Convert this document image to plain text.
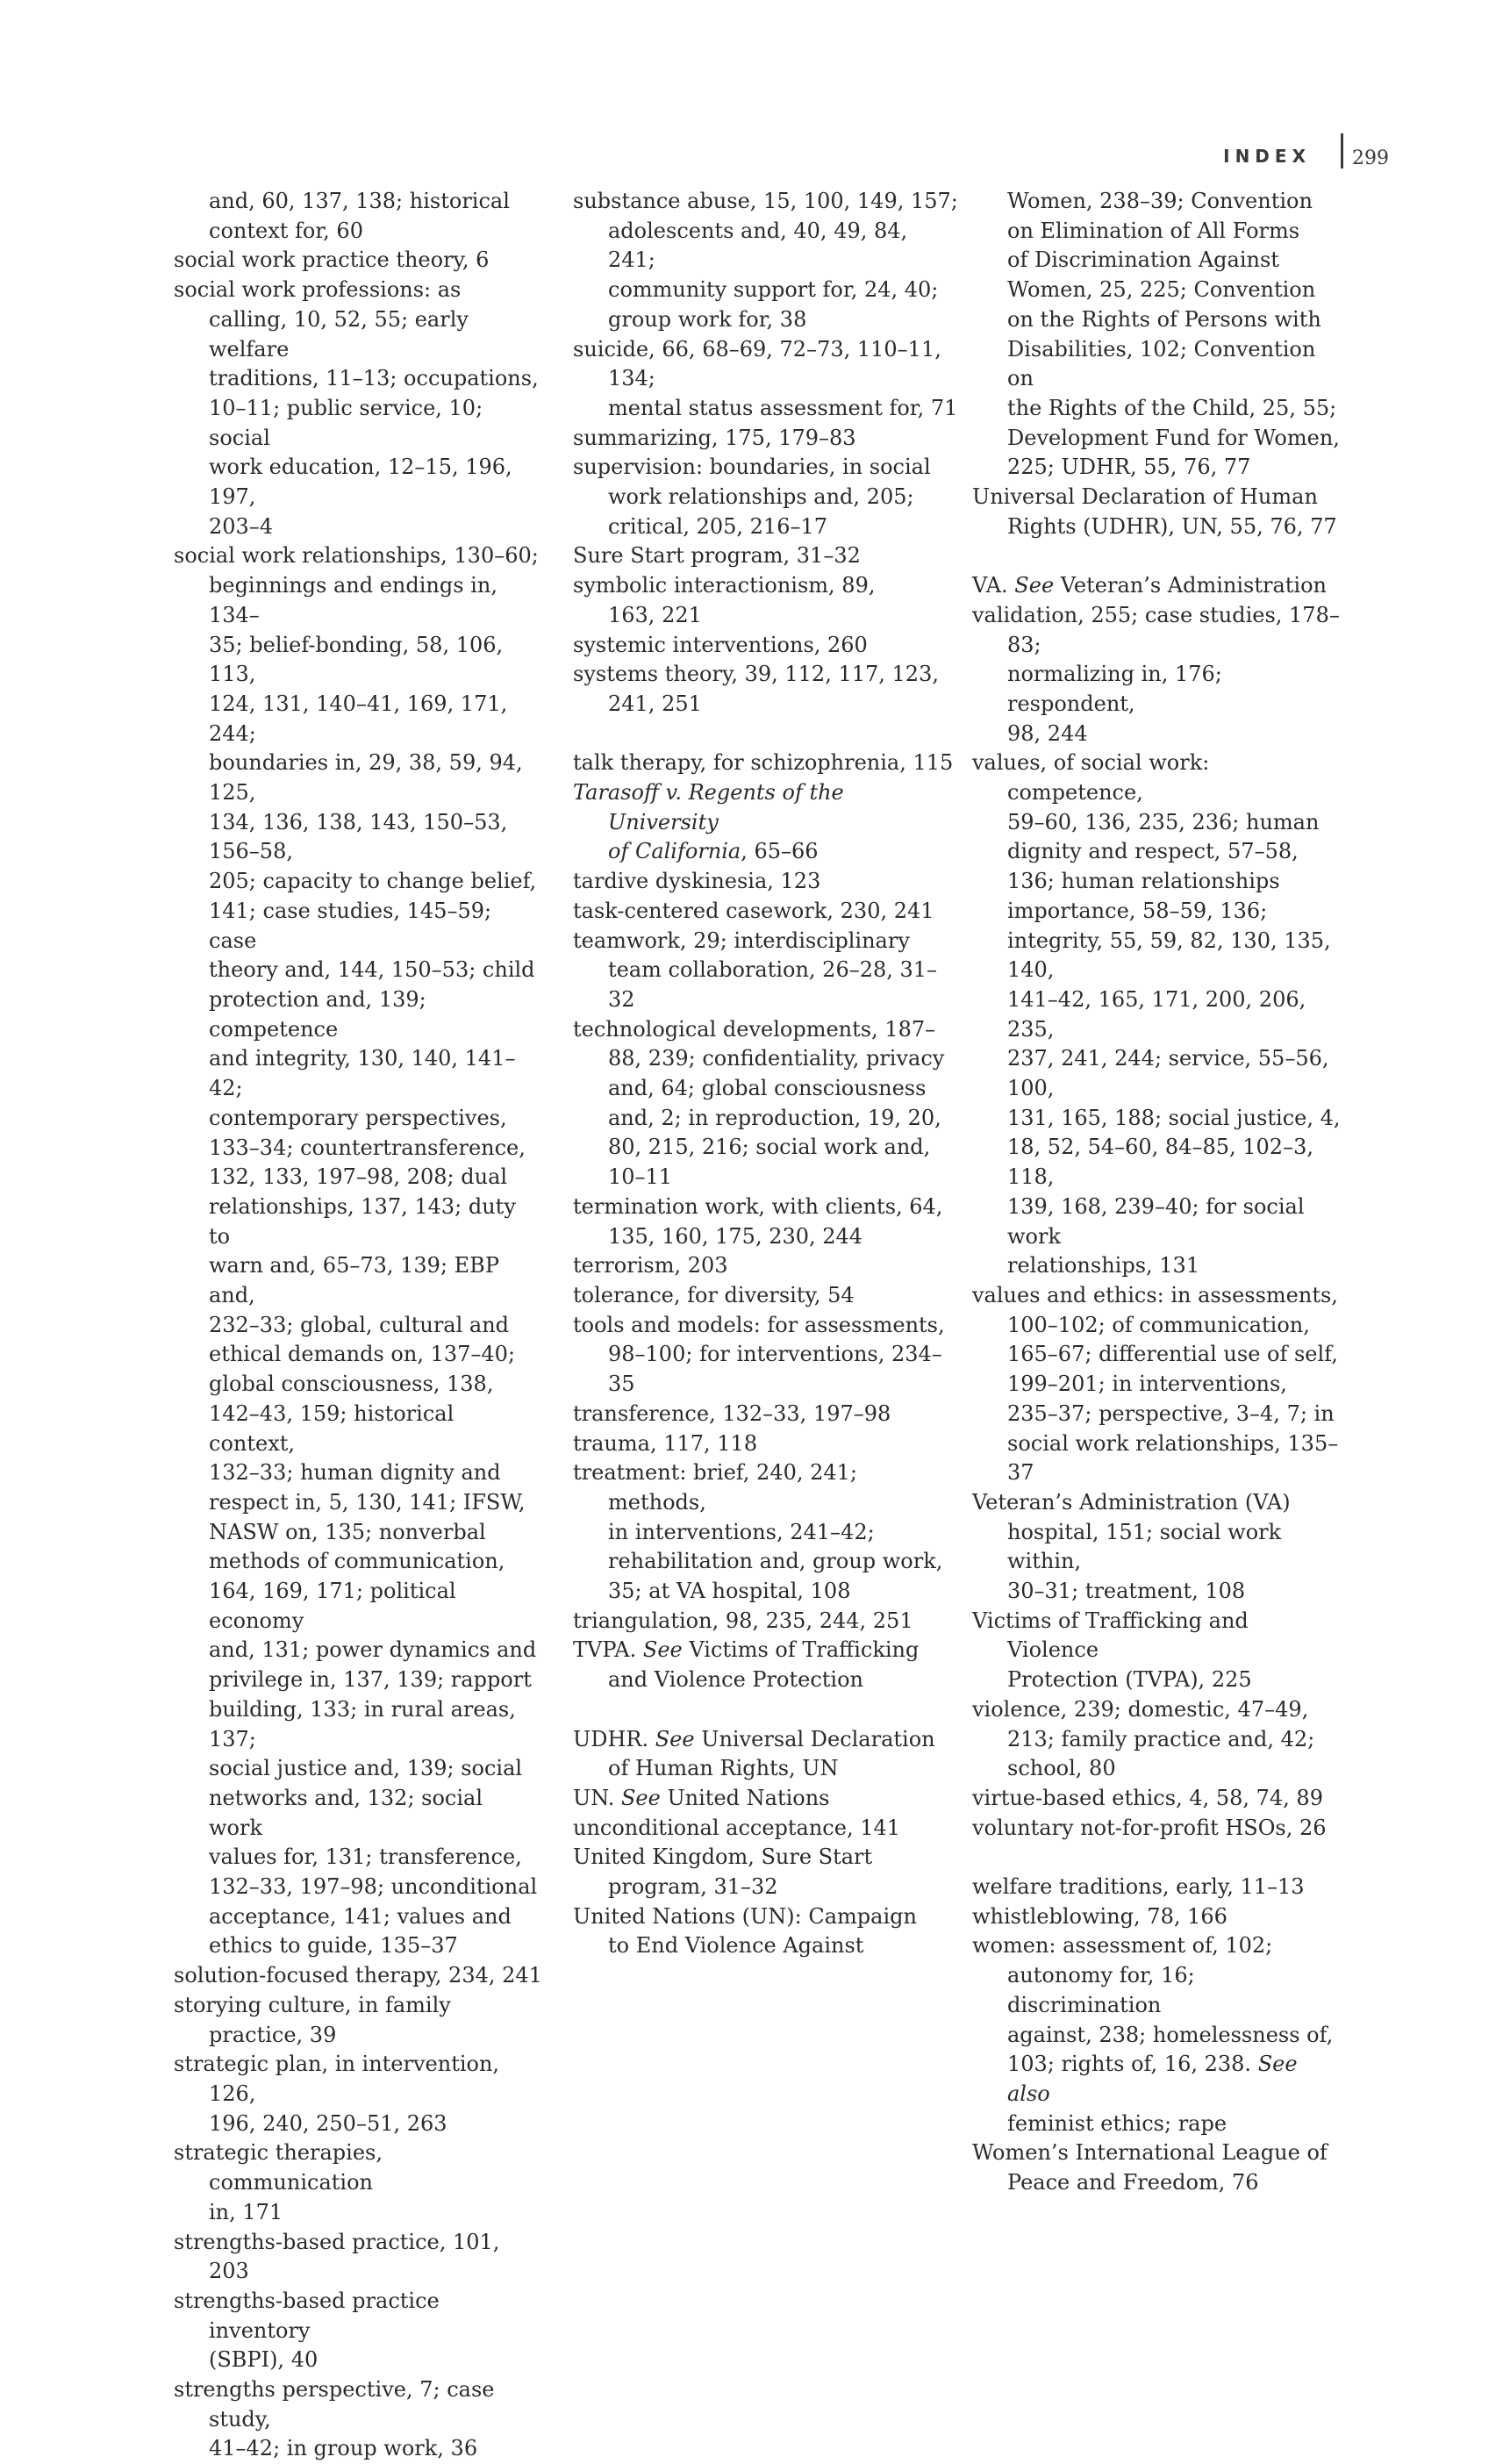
INDEX 299
and, 60, 137, 138; historical
context for, 60
social work practice theory, 6
social work professions: as
calling, 10, 52, 55; early welfare
traditions, 11–13; occupations,
10–11; public service, 10; social
work education, 12–15, 196, 197,
203–4
social work relationships, 130–60;
beginnings and endings in, 134–
35; belief-bonding, 58, 106, 113,
124, 131, 140–41, 169, 171, 244;
boundaries in, 29, 38, 59, 94, 125,
134, 136, 138, 143, 150–53, 156–58,
205; capacity to change belief,
141; case studies, 145–59; case
theory and, 144, 150–53; child
protection and, 139; competence
and integrity, 130, 140, 141–42;
contemporary perspectives,
133–34; countertransference,
132, 133, 197–98, 208; dual
relationships, 137, 143; duty to
warn and, 65–73, 139; EBP and,
232–33; global, cultural and
ethical demands on, 137–40;
global consciousness, 138,
142–43, 159; historical context,
132–33; human dignity and
respect in, 5, 130, 141; IFSW,
NASW on, 135; nonverbal
methods of communication,
164, 169, 171; political economy
and, 131; power dynamics and
privilege in, 137, 139; rapport
building, 133; in rural areas, 137;
social justice and, 139; social
networks and, 132; social work
values for, 131; transference,
132–33, 197–98; unconditional
acceptance, 141; values and
ethics to guide, 135–37
solution-focused therapy, 234, 241
storying culture, in family practice, 39
strategic plan, in intervention, 126,
196, 240, 250–51, 263
strategic therapies, communication
in, 171
strengths-based practice, 101, 203
strengths-based practice inventory
(SBPI), 40
strengths perspective, 7; case study,
41–42; in group work, 36
substance abuse, 15, 100, 149, 157;
adolescents and, 40, 49, 84, 241;
community support for, 24, 40;
group work for, 38
suicide, 66, 68–69, 72–73, 110–11, 134;
mental status assessment for, 71
summarizing, 175, 179–83
supervision: boundaries, in social
work relationships and, 205;
critical, 205, 216–17
Sure Start program, 31–32
symbolic interactionism, 89,
163, 221
systemic interventions, 260
systems theory, 39, 112, 117, 123,
241, 251
talk therapy, for schizophrenia, 115
Tarasoff v. Regents of the University
of California, 65–66
tardive dyskinesia, 123
task-centered casework, 230, 241
teamwork, 29; interdisciplinary
team collaboration, 26–28, 31–32
technological developments, 187–
88, 239; confidentiality, privacy
and, 64; global consciousness
and, 2; in reproduction, 19, 20,
80, 215, 216; social work and,
10–11
termination work, with clients, 64,
135, 160, 175, 230, 244
terrorism, 203
tolerance, for diversity, 54
tools and models: for assessments,
98–100; for interventions, 234–35
transference, 132–33, 197–98
trauma, 117, 118
treatment: brief, 240, 241; methods,
in interventions, 241–42;
rehabilitation and, group work,
35; at VA hospital, 108
triangulation, 98, 235, 244, 251
TVPA. See Victims of Trafficking
and Violence Protection
UDHR. See Universal Declaration
of Human Rights, UN
UN. See United Nations
unconditional acceptance, 141
United Kingdom, Sure Start
program, 31–32
United Nations (UN): Campaign
to End Violence Against
Women, 238–39; Convention
on Elimination of All Forms
of Discrimination Against
Women, 25, 225; Convention
on the Rights of Persons with
Disabilities, 102; Convention on
the Rights of the Child, 25, 55;
Development Fund for Women,
225; UDHR, 55, 76, 77
Universal Declaration of Human
Rights (UDHR), UN, 55, 76, 77
VA. See Veteran’s Administration
validation, 255; case studies, 178–83;
normalizing in, 176; respondent,
98, 244
values, of social work: competence,
59–60, 136, 235, 236; human
dignity and respect, 57–58,
136; human relationships
importance, 58–59, 136;
integrity, 55, 59, 82, 130, 135, 140,
141–42, 165, 171, 200, 206, 235,
237, 241, 244; service, 55–56, 100,
131, 165, 188; social justice, 4,
18, 52, 54–60, 84–85, 102–3, 118,
139, 168, 239–40; for social work
relationships, 131
values and ethics: in assessments,
100–102; of communication,
165–67; differential use of self,
199–201; in interventions,
235–37; perspective, 3–4, 7; in
social work relationships, 135–37
Veteran’s Administration (VA)
hospital, 151; social work within,
30–31; treatment, 108
Victims of Trafficking and Violence
Protection (TVPA), 225
violence, 239; domestic, 47–49,
213; family practice and, 42;
school, 80
virtue-based ethics, 4, 58, 74, 89
voluntary not-for-profit HSOs, 26
welfare traditions, early, 11–13
whistleblowing, 78, 166
women: assessment of, 102;
autonomy for, 16; discrimination
against, 238; homelessness of,
103; rights of, 16, 238. See also
feminist ethics; rape
Women’s International League of
Peace and Freedom, 76
